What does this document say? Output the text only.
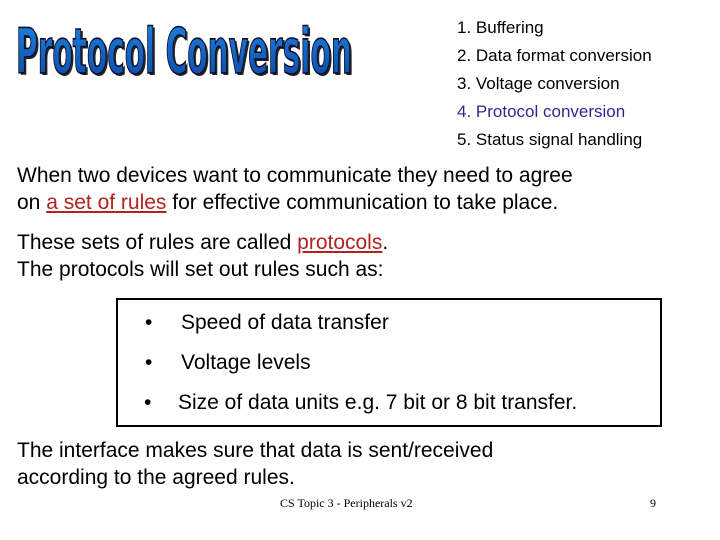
Protocol Conversion
Protocol Conversion	1. Buffering
2. Data format conversion
3. Voltage conversion
4. Protocol conversion
5. Status signal handling

When two devices want to communicate they need to agree
on a set of rules for effective communication to take place.

These sets of rules are called protocols.
The protocols will set out rules such as:

• Speed of data transfer
• Voltage levels
• Size of data units e.g. 7 bit or 8 bit transfer.

The interface makes sure that data is sent/received
according to the agreed rules.

CS Topic 3 - Peripherals v2	9
